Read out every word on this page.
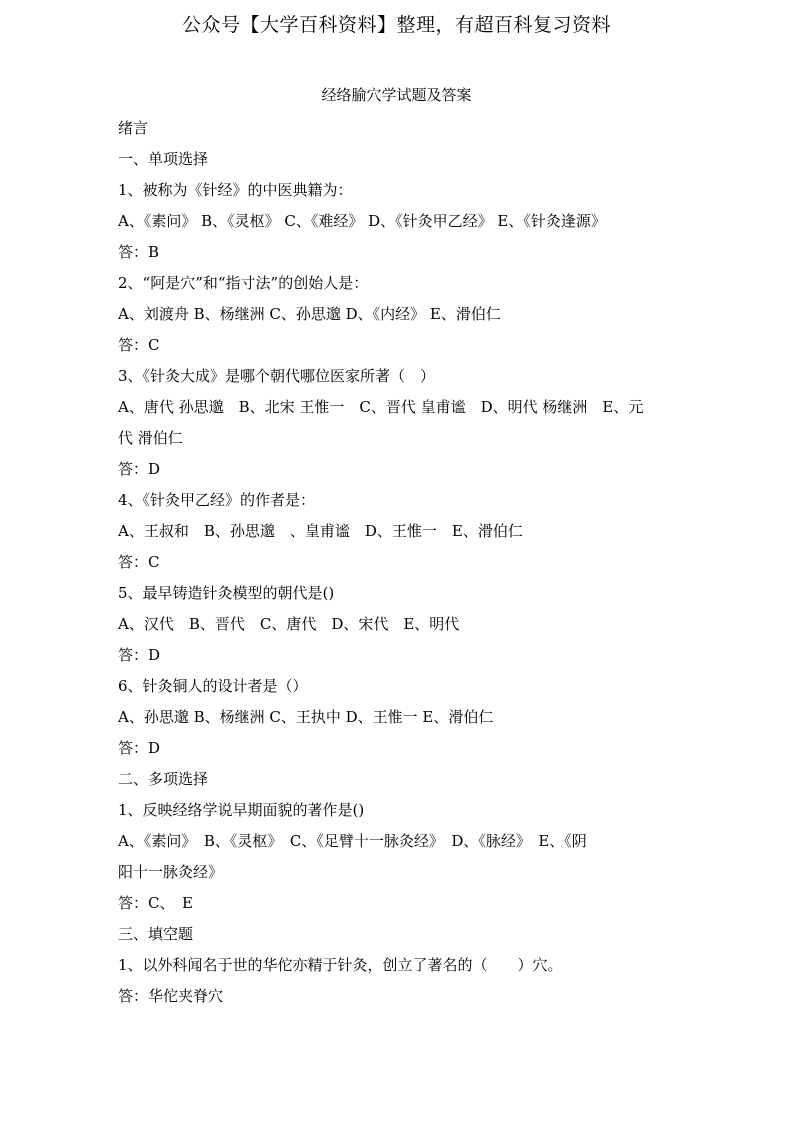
公众号【大学百科资料】整理，有超百科复习资料
经络腧穴学试题及答案
绪言
一、单项选择
1、被称为《针经》的中医典籍为：
A、《素问》 B、《灵枢》 C、《难经》 D、《针灸甲乙经》 E、《针灸逢源》
答：B
2、“阿是穴”和“指寸法”的创始人是：
A、刘渡舟 B、杨继洲 C、孙思邈 D、《内经》 E、滑伯仁
答：C
3、《针灸大成》是哪个朝代哪位医家所著（　）
A、唐代 孙思邈　B、北宋 王惟一　C、晋代 皇甫谧　D、明代 杨继洲　E、元
代 滑伯仁
答：D
4、《针灸甲乙经》的作者是：
A、王叔和　B、孙思邈　、皇甫谧　D、王惟一　E、滑伯仁
答：C
5、最早铸造针灸模型的朝代是()
A、汉代　B、晋代　C、唐代　D、宋代　E、明代
答：D
6、针灸铜人的设计者是（）
A、孙思邈 B、杨继洲 C、王执中 D、王惟一 E、滑伯仁
答：D
二、多项选择
1、反映经络学说早期面貌的著作是()
A、《素问》　B、《灵枢》　C、《足臂十一脉灸经》　D、《脉经》　E、《阴
阳十一脉灸经》
答：C、　E
三、填空题
1、以外科闻名于世的华佗亦精于针灸，创立了著名的（　　）穴。
答：华佗夹脊穴
